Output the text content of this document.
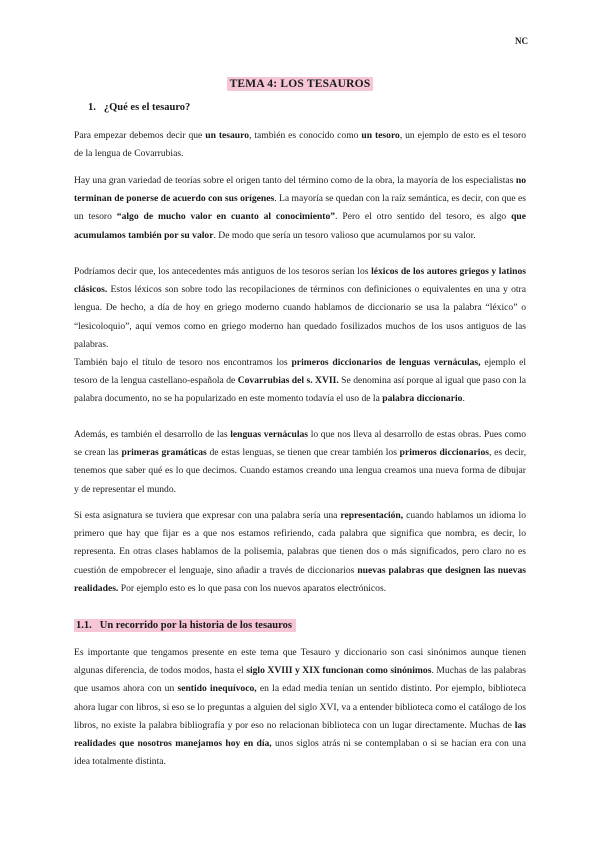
NC
TEMA 4: LOS TESAUROS
1. ¿Qué es el tesauro?

Para empezar debemos decir que un tesauro, también es conocido como un tesoro, un ejemplo de esto es el tesoro de la lengua de Covarrubias.

Hay una gran variedad de teorías sobre el origen tanto del término como de la obra, la mayoría de los especialistas no terminan de ponerse de acuerdo con sus orígenes. La mayoría se quedan con la raíz semántica, es decir, con que es un tesoro “algo de mucho valor en cuanto al conocimiento”. Pero el otro sentido del tesoro, es algo que acumulamos también por su valor. De modo que sería un tesoro valioso que acumulamos por su valor.

Podríamos decir que, los antecedentes más antiguos de los tesoros serían los léxicos de los autores griegos y latinos clásicos. Estos léxicos son sobre todo las recopilaciones de términos con definiciones o equivalentes en una y otra lengua. De hecho, a día de hoy en griego moderno cuando hablamos de diccionario se usa la palabra “léxico” o “lesicoloquio”, aquí vemos como en griego moderno han quedado fosilizados muchos de los usos antiguos de las palabras.

También bajo el título de tesoro nos encontramos los primeros diccionarios de lenguas vernáculas, ejemplo el tesoro de la lengua castellano-española de Covarrubias del s. XVII. Se denomina así porque al igual que paso con la palabra documento, no se ha popularizado en este momento todavía el uso de la palabra diccionario.

Además, es también el desarrollo de las lenguas vernáculas lo que nos lleva al desarrollo de estas obras. Pues como se crean las primeras gramáticas de estas lenguas, se tienen que crear también los primeros diccionarios, es decir, tenemos que saber qué es lo que decimos. Cuando estamos creando una lengua creamos una nueva forma de dibujar y de representar el mundo.

Si esta asignatura se tuviera que expresar con una palabra sería una representación, cuando hablamos un idioma lo primero que hay que fijar es a que nos estamos refiriendo, cada palabra que significa que nombra, es decir, lo representa. En otras clases hablamos de la polisemia, palabras que tienen dos o más significados, pero claro no es cuestión de empobrecer el lenguaje, sino añadir a través de diccionarios nuevas palabras que designen las nuevas realidades. Por ejemplo esto es lo que pasa con los nuevos aparatos electrónicos.

1.1. Un recorrido por la historia de los tesauros

Es importante que tengamos presente en este tema que Tesauro y diccionario son casi sinónimos aunque tienen algunas diferencia, de todos modos, hasta el siglo XVIII y XIX funcionan como sinónimos. Muchas de las palabras que usamos ahora con un sentido inequívoco, en la edad media tenían un sentido distinto. Por ejemplo, biblioteca ahora lugar con libros, si eso se lo preguntas a alguien del siglo XVI, va a entender biblioteca como el catálogo de los libros, no existe la palabra bibliografía y por eso no relacionan biblioteca con un lugar directamente. Muchas de las realidades que nosotros manejamos hoy en día, unos siglos atrás ni se contemplaban o si se hacían era con una idea totalmente distinta.
